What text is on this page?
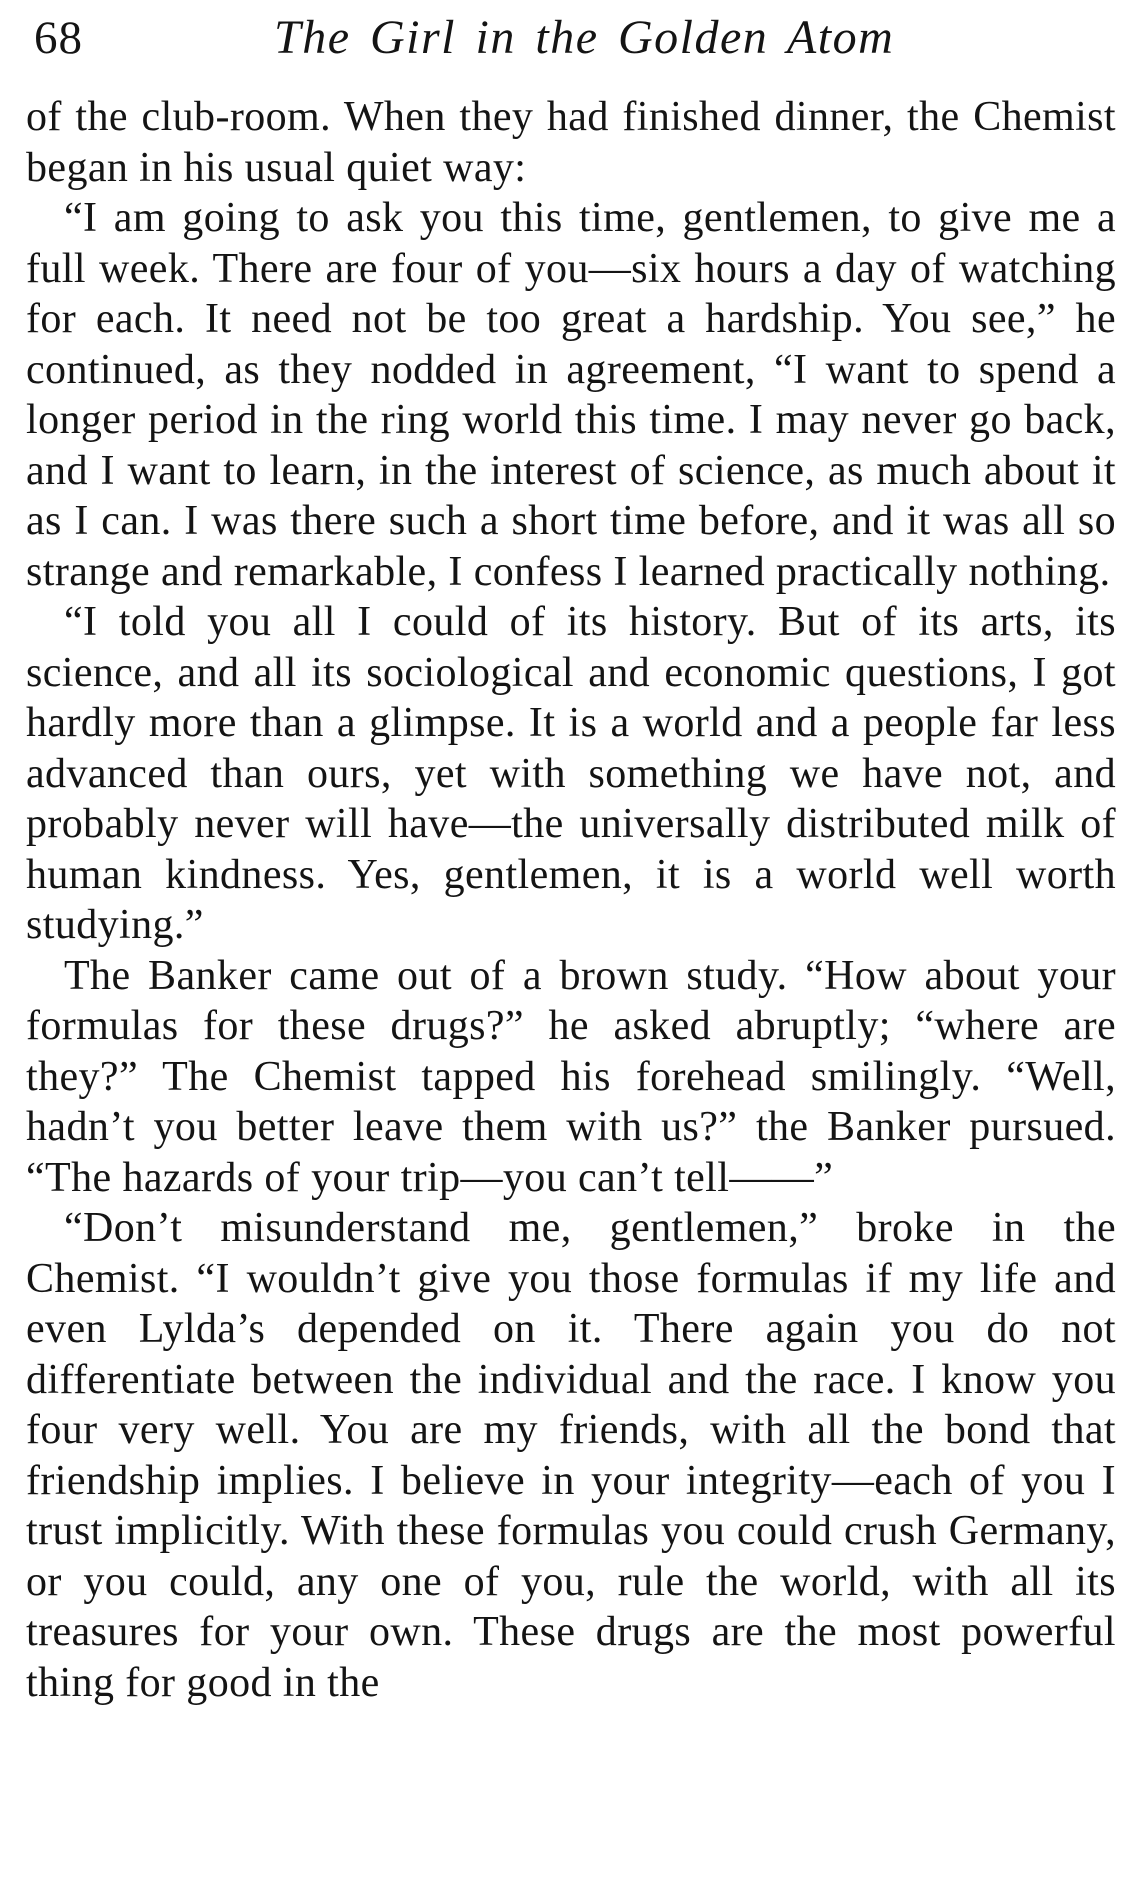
68	The Girl in the Golden Atom

of the club-room. When they had finished dinner, the Chemist began in his usual quiet way:

“I am going to ask you this time, gentlemen, to give me a full week. There are four of you—six hours a day of watching for each. It need not be too great a hardship. You see,” he continued, as they nodded in agreement, “I want to spend a longer period in the ring world this time. I may never go back, and I want to learn, in the interest of science, as much about it as I can. I was there such a short time before, and it was all so strange and remarkable, I confess I learned practically nothing.

“I told you all I could of its history. But of its arts, its science, and all its sociological and economic questions, I got hardly more than a glimpse. It is a world and a people far less advanced than ours, yet with something we have not, and probably never will have—the universally distributed milk of human kindness. Yes, gentlemen, it is a world well worth studying.”

The Banker came out of a brown study. “How about your formulas for these drugs?” he asked abruptly; “where are they?” The Chemist tapped his forehead smilingly. “Well, hadn’t you better leave them with us?” the Banker pursued. “The hazards of your trip—you can’t tell——”

“Don’t misunderstand me, gentlemen,” broke in the Chemist. “I wouldn’t give you those formulas if my life and even Lylda’s depended on it. There again you do not differentiate between the individual and the race. I know you four very well. You are my friends, with all the bond that friendship implies. I believe in your integrity—each of you I trust implicitly. With these formulas you could crush Germany, or you could, any one of you, rule the world, with all its treasures for your own. These drugs are the most powerful thing for good in the
